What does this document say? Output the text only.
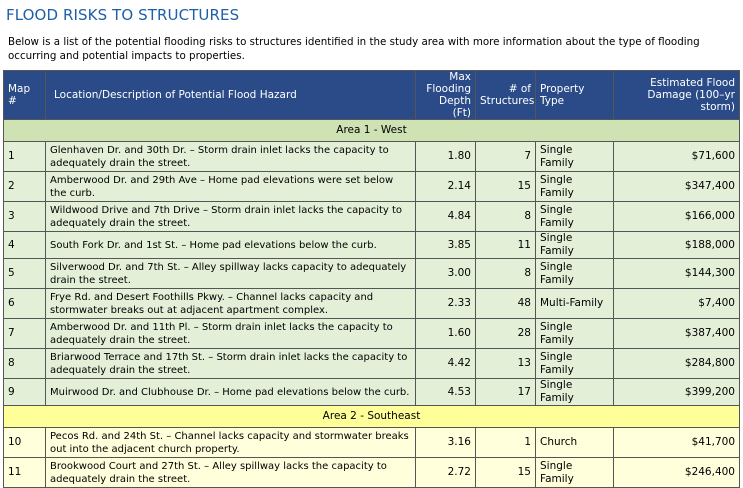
FLOOD RISKS TO STRUCTURES
Below is a list of the potential flooding risks to structures identified in the study area with more information about the type of flooding occurring and potential impacts to properties.
Map #	Location/Description of Potential Flood Hazard	Max Flooding Depth (Ft)	# of Structures	Property Type	Estimated Flood Damage (100–yr storm)
Area 1 - West					
1	Glenhaven Dr. and 30th Dr. – Storm drain inlet lacks the capacity to adequately drain the street.	1.80	7	Single Family	$71,600
2	Amberwood Dr. and 29th Ave – Home pad elevations were set below the curb.	2.14	15	Single Family	$347,400
3	Wildwood Drive and 7th Drive – Storm drain inlet lacks the capacity to adequately drain the street.	4.84	8	Single Family	$166,000
4	South Fork Dr. and 1st St. – Home pad elevations below the curb.	3.85	11	Single Family	$188,000
5	Silverwood Dr. and 7th St. – Alley spillway lacks capacity to adequately drain the street.	3.00	8	Single Family	$144,300
6	Frye Rd. and Desert Foothills Pkwy. – Channel lacks capacity and stormwater breaks out at adjacent apartment complex.	2.33	48	Multi-Family	$7,400
7	Amberwood Dr. and 11th Pl. – Storm drain inlet lacks the capacity to adequately drain the street.	1.60	28	Single Family	$387,400
8	Briarwood Terrace and 17th St. – Storm drain inlet lacks the capacity to adequately drain the street.	4.42	13	Single Family	$284,800
9	Muirwood Dr. and Clubhouse Dr. – Home pad elevations below the curb.	4.53	17	Single Family	$399,200
Area 2 - Southeast					
10	Pecos Rd. and 24th St. – Channel lacks capacity and stormwater breaks out into the adjacent church property.	3.16	1	Church	$41,700
11	Brookwood Court and 27th St. – Alley spillway lacks the capacity to adequately drain the street.	2.72	15	Single Family	$246,400
